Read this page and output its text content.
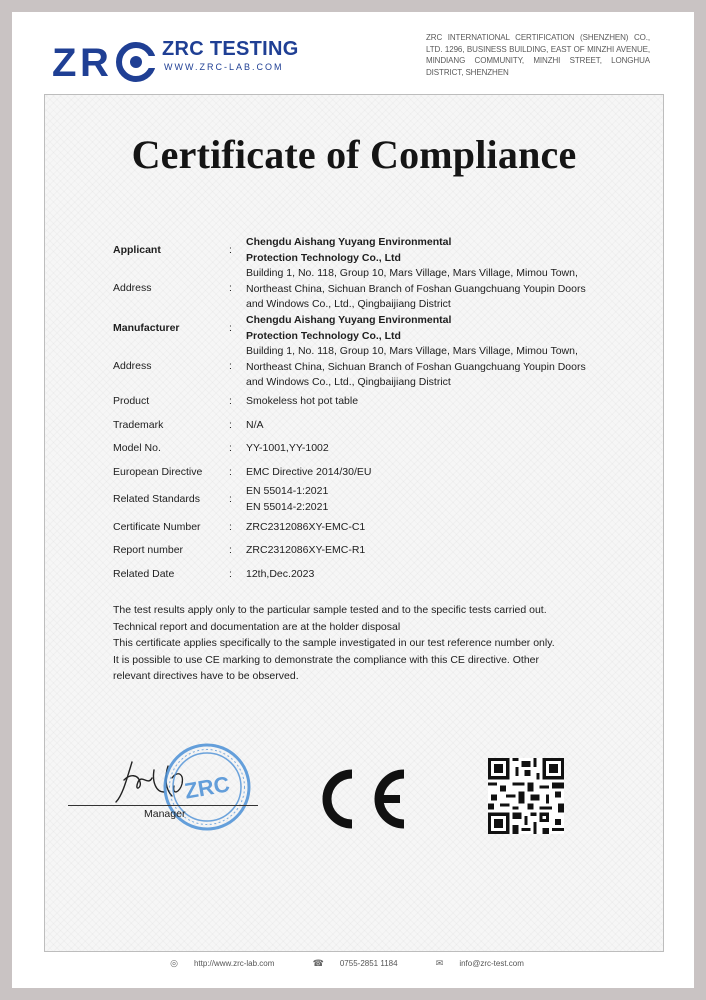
Z R	ZRC TESTING
WWW.ZRC-LAB.COM
ZRC INTERNATIONAL CERTIFICATION (SHENZHEN) CO., LTD. 1296, BUSINESS BUILDING, EAST OF MINZHI AVENUE, MINDIANG COMMUNITY, MINZHI STREET, LONGHUA DISTRICT, SHENZHEN
Certificate of Compliance
Applicant	:
Chengdu Aishang Yuyang Environmental
Protection Technology Co., Ltd
Address	:
Building 1, No. 118, Group 10, Mars Village, Mars Village, Mimou Town,
Northeast China, Sichuan Branch of Foshan Guangchuang Youpin Doors
and Windows Co., Ltd., Qingbaijiang District
Manufacturer	:
Chengdu Aishang Yuyang Environmental
Protection Technology Co., Ltd
Address	:
Building 1, No. 118, Group 10, Mars Village, Mars Village, Mimou Town,
Northeast China, Sichuan Branch of Foshan Guangchuang Youpin Doors
and Windows Co., Ltd., Qingbaijiang District
Product	: Smokeless hot pot table
Trademark	: N/A
Model No.	: YY-1001,YY-1002
European Directive	: EMC Directive 2014/30/EU
Related Standards	:
EN 55014-1:2021
EN 55014-2:2021
Certificate Number	: ZRC2312086XY-EMC-C1
Report number	: ZRC2312086XY-EMC-R1
Related Date	: 12th,Dec.2023
The test results apply only to the particular sample tested and to the specific tests carried out.
Technical report and documentation are at the holder disposal
This certificate applies specifically to the sample investigated in our test reference number only.
It is possible to use CE marking to demonstrate the compliance with this CE directive. Other
relevant directives have to be observed.
ZRC
Manager
◎ http://www.zrc-lab.com	☎ 0755-2851 1184	✉ info@zrc-test.com
